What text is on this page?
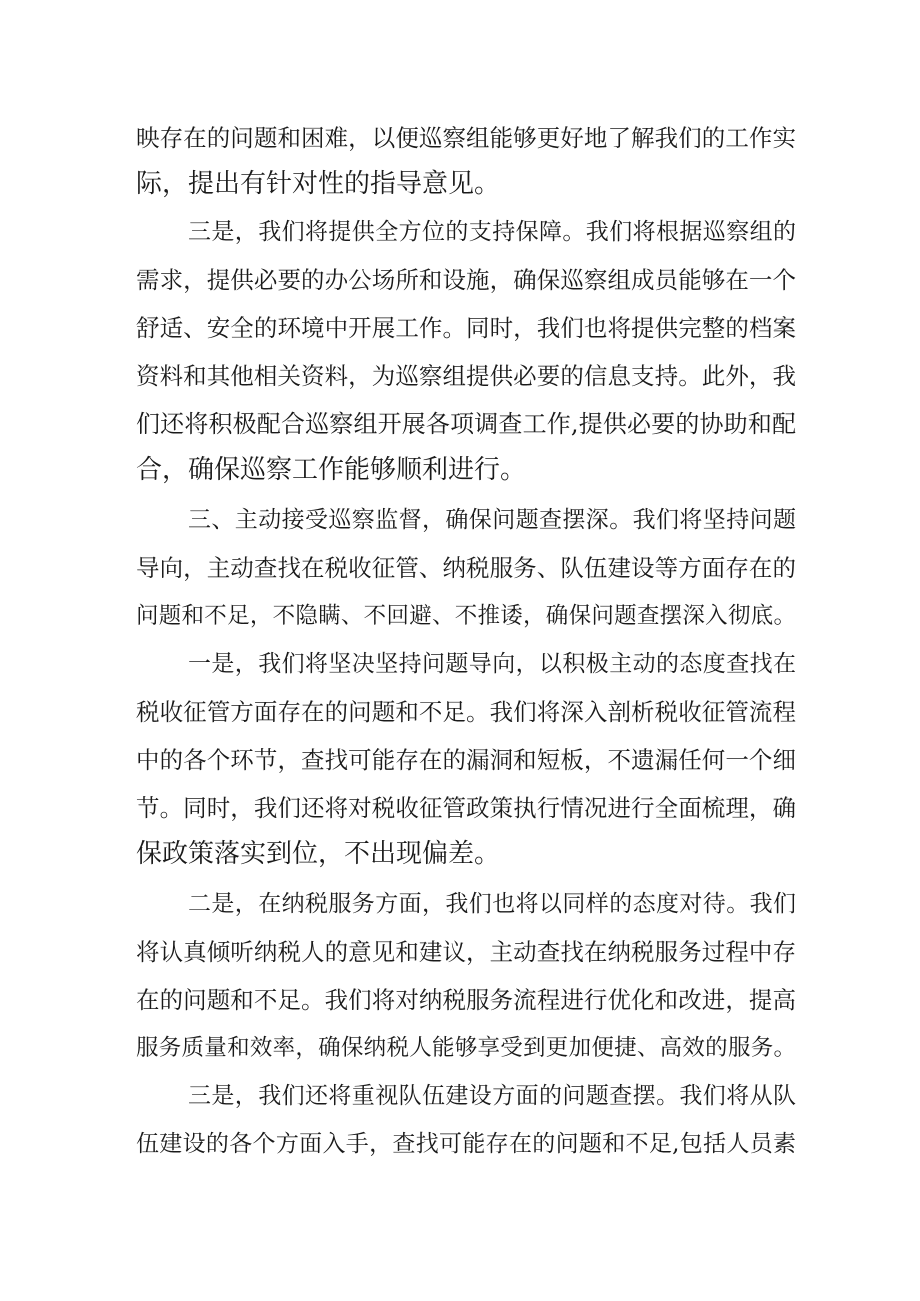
映存在的问题和困难，以便巡察组能够更好地了解我们的工作实
际，提出有针对性的指导意见。
三是，我们将提供全方位的支持保障。我们将根据巡察组的
需求，提供必要的办公场所和设施，确保巡察组成员能够在一个
舒适、安全的环境中开展工作。同时，我们也将提供完整的档案
资料和其他相关资料，为巡察组提供必要的信息支持。此外，我
们还将积极配合巡察组开展各项调查工作,提供必要的协助和配
合，确保巡察工作能够顺利进行。
三、主动接受巡察监督，确保问题查摆深。我们将坚持问题
导向，主动查找在税收征管、纳税服务、队伍建设等方面存在的
问题和不足，不隐瞒、不回避、不推诿，确保问题查摆深入彻底。
一是，我们将坚决坚持问题导向，以积极主动的态度查找在
税收征管方面存在的问题和不足。我们将深入剖析税收征管流程
中的各个环节，查找可能存在的漏洞和短板，不遗漏任何一个细
节。同时，我们还将对税收征管政策执行情况进行全面梳理，确
保政策落实到位，不出现偏差。
二是，在纳税服务方面，我们也将以同样的态度对待。我们
将认真倾听纳税人的意见和建议，主动查找在纳税服务过程中存
在的问题和不足。我们将对纳税服务流程进行优化和改进，提高
服务质量和效率，确保纳税人能够享受到更加便捷、高效的服务。
三是，我们还将重视队伍建设方面的问题查摆。我们将从队
伍建设的各个方面入手，查找可能存在的问题和不足,包括人员素
